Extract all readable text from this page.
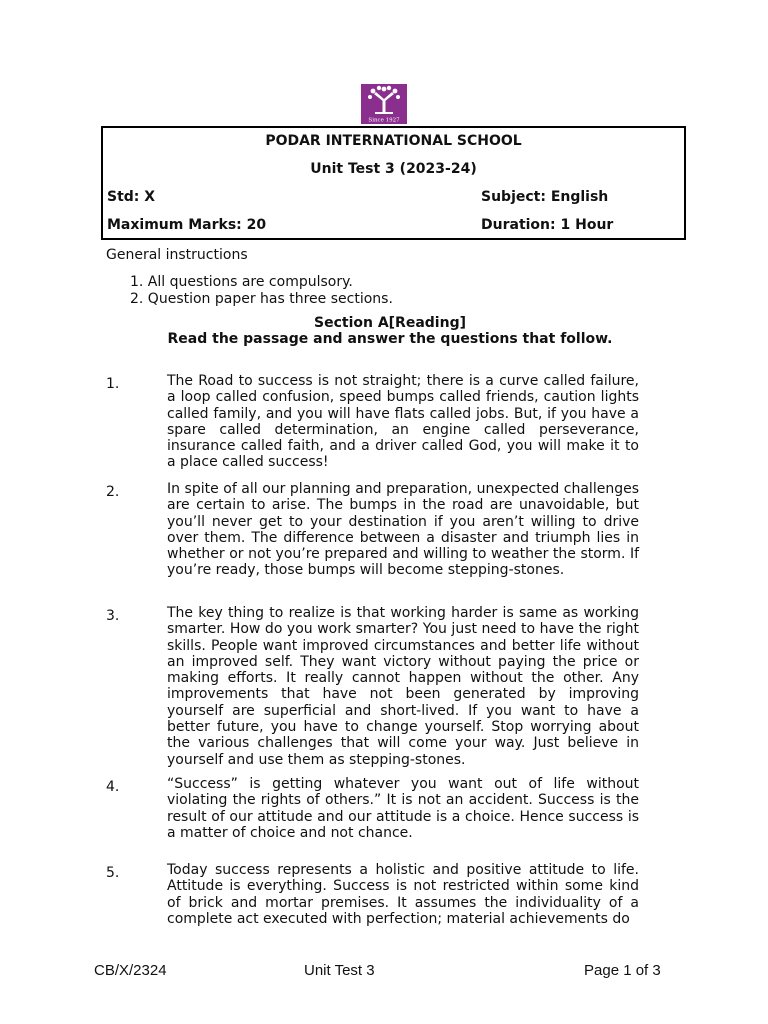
Since 1927
PODAR INTERNATIONAL SCHOOL
Unit Test 3 (2023-24)
Std: X	Subject: English
Maximum Marks: 20	Duration: 1 Hour
General instructions
1. All questions are compulsory.
2. Question paper has three sections.
Section A[Reading]
Read the passage and answer the questions that follow.
1.	The Road to success is not straight; there is a curve called failure, a loop called confusion, speed bumps called friends, caution lights called family, and you will have flats called jobs. But, if you have a spare called determination, an engine called perseverance, insurance called faith, and a driver called God, you will make it to a place called success!

2.	In spite of all our planning and preparation, unexpected challenges are certain to arise. The bumps in the road are unavoidable, but you’ll never get to your destination if you aren’t willing to drive over them. The difference between a disaster and triumph lies in whether or not you’re prepared and willing to weather the storm. If you’re ready, those bumps will become stepping-stones.

3.	The key thing to realize is that working harder is same as working smarter. How do you work smarter? You just need to have the right skills. People want improved circumstances and better life without an improved self. They want victory without paying the price or making efforts. It really cannot happen without the other. Any improvements that have not been generated by improving yourself are superficial and short-lived. If you want to have a better future, you have to change yourself. Stop worrying about the various challenges that will come your way. Just believe in yourself and use them as stepping-stones.

4.	“Success” is getting whatever you want out of life without violating the rights of others.” It is not an accident. Success is the result of our attitude and our attitude is a choice. Hence success is a matter of choice and not chance.

5.	Today success represents a holistic and positive attitude to life. Attitude is everything. Success is not restricted within some kind of brick and mortar premises. It assumes the individuality of a complete act executed with perfection; material achievements do

CB/X/2324	Unit Test 3	Page 1 of 3
